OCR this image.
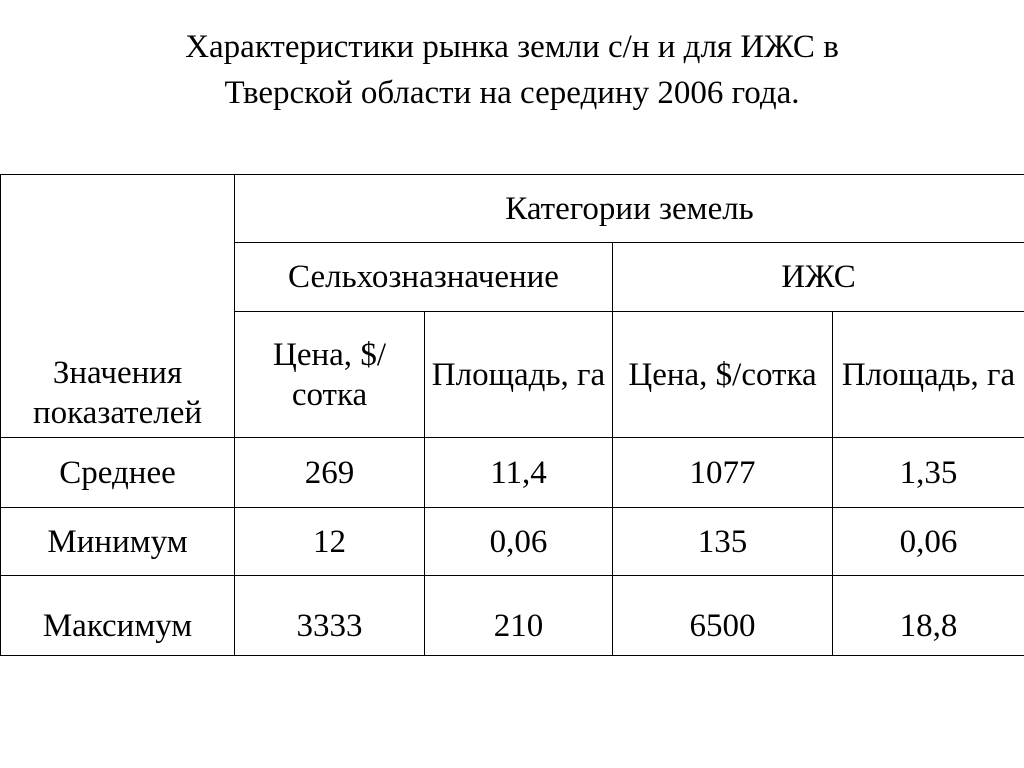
Характеристики рынка земли с/н и для ИЖС в
Тверской области на середину 2006 года.
Значения
показателей	Категории земель			
	Сельхозназначение		ИЖС	
	Цена, $/сотка	Площадь, га	Цена, $/сотка	Площадь, га
Среднее	269	11,4	1077	1,35
Минимум	12	0,06	135	0,06
Максимум	3333	210	6500	18,8
